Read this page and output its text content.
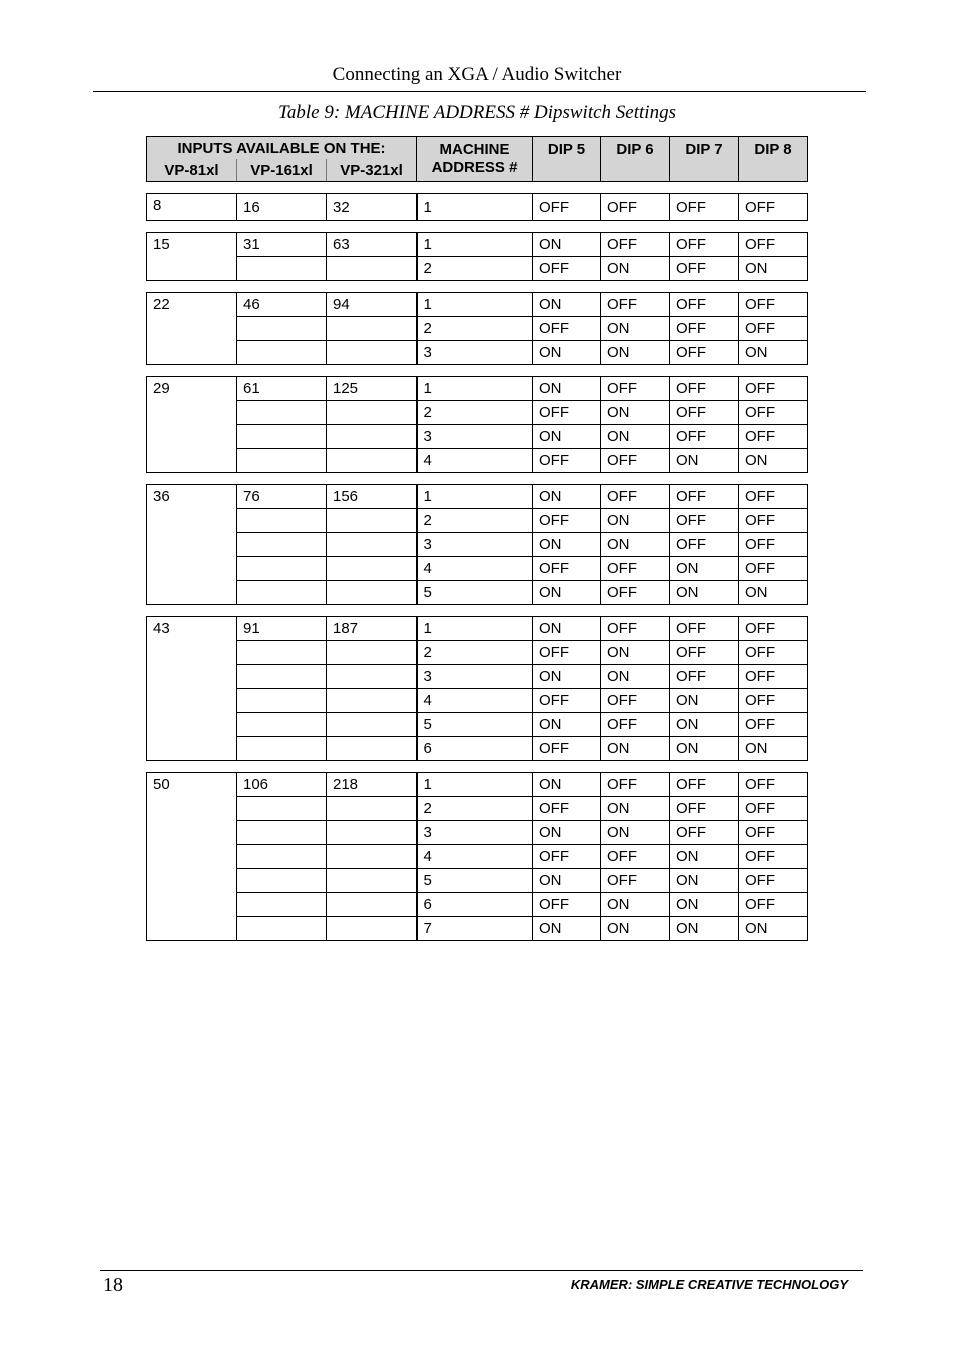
Connecting an XGA / Audio Switcher
Table 9: MACHINE ADDRESS # Dipswitch Settings
INPUTS AVAILABLE ON THE:			MACHINE ADDRESS #	DIP 5	DIP 6	DIP 7	DIP 8
VP-81xl	VP-161xl	VP-321xl					

8	16	32	1	OFF	OFF	OFF	OFF

15	31	63	1	ON	OFF	OFF	OFF
			2	OFF	ON	OFF	ON

22	46	94	1	ON	OFF	OFF	OFF
			2	OFF	ON	OFF	OFF
			3	ON	ON	OFF	ON

29	61	125	1	ON	OFF	OFF	OFF
			2	OFF	ON	OFF	OFF
			3	ON	ON	OFF	OFF
			4	OFF	OFF	ON	ON

36	76	156	1	ON	OFF	OFF	OFF
			2	OFF	ON	OFF	OFF
			3	ON	ON	OFF	OFF
			4	OFF	OFF	ON	OFF
			5	ON	OFF	ON	ON

43	91	187	1	ON	OFF	OFF	OFF
			2	OFF	ON	OFF	OFF
			3	ON	ON	OFF	OFF
			4	OFF	OFF	ON	OFF
			5	ON	OFF	ON	OFF
			6	OFF	ON	ON	ON

50	106	218	1	ON	OFF	OFF	OFF
			2	OFF	ON	OFF	OFF
			3	ON	ON	OFF	OFF
			4	OFF	OFF	ON	OFF
			5	ON	OFF	ON	OFF
			6	OFF	ON	ON	OFF
			7	ON	ON	ON	ON
18	KRAMER: SIMPLE CREATIVE TECHNOLOGY
